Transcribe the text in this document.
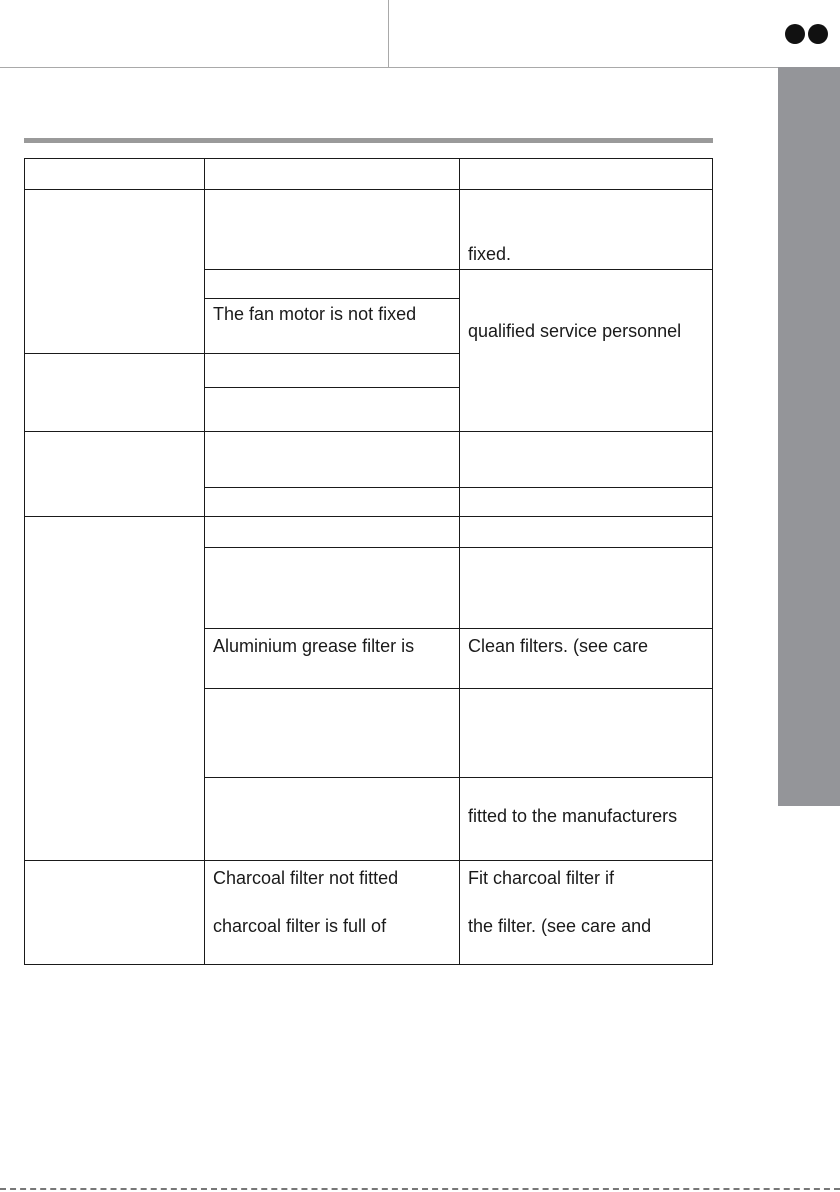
fixed.
The fan motor is not fixed
qualified service personnel
Aluminium grease filter is	Clean filters. (see care
fitted to the manufacturers
Charcoal filter not fitted
charcoal filter is full of
Fit charcoal filter if
the filter. (see care and
